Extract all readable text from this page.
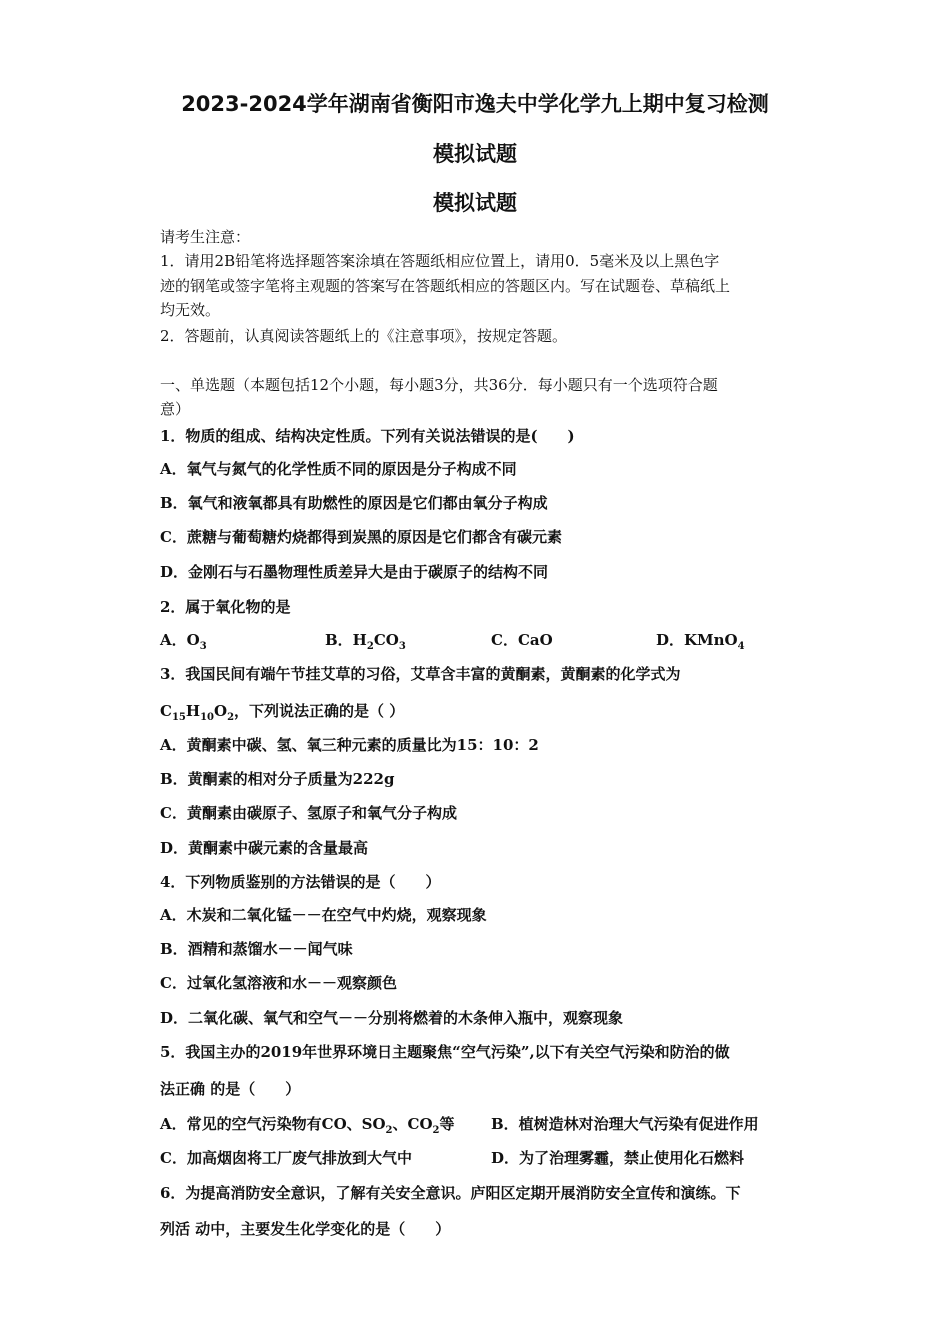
2023-2024学年湖南省衡阳市逸夫中学化学九上期中复习检测
模拟试题
模拟试题
请考生注意：
1．请用2B铅笔将选择题答案涂填在答题纸相应位置上，请用0．5毫米及以上黑色字
迹的钢笔或签字笔将主观题的答案写在答题纸相应的答题区内。写在试题卷、草稿纸上
均无效。
2．答题前，认真阅读答题纸上的《注意事项》，按规定答题。
一、单选题（本题包括12个小题，每小题3分，共36分．每小题只有一个选项符合题
意）
1．物质的组成、结构决定性质。下列有关说法错误的是(　　)
A．氧气与氮气的化学性质不同的原因是分子构成不同
B．氧气和液氧都具有助燃性的原因是它们都由氧分子构成
C．蔗糖与葡萄糖灼烧都得到炭黑的原因是它们都含有碳元素
D．金刚石与石墨物理性质差异大是由于碳原子的结构不同
2．属于氧化物的是
A．$O_3$	B．$H_2CO_3$	C．CaO	D．KMnO$_4$
3．我国民间有端午节挂艾草的习俗，艾草含丰富的黄酮素，黄酮素的化学式为
$C_{15}H_{10}O_2$，下列说法正确的是（ ）
A．黄酮素中碳、氢、氧三种元素的质量比为15：10：2
B．黄酮素的相对分子质量为222g
C．黄酮素由碳原子、氢原子和氧气分子构成
D．黄酮素中碳元素的含量最高
4．下列物质鉴别的方法错误的是（　　）
A．木炭和二氧化锰－－在空气中灼烧，观察现象
B．酒精和蒸馏水－－闻气味
C．过氧化氢溶液和水－－观察颜色
D．二氧化碳、氧气和空气－－分别将燃着的木条伸入瓶中，观察现象
5．我国主办的2019年世界环境日主题聚焦“空气污染”,以下有关空气污染和防治的做
法正确 的是（　　）
A．常见的空气污染物有CO、$SO_2$、$CO_2$等 B．植树造林对治理大气污染有促进作用
C．加高烟囱将工厂废气排放到大气中	D．为了治理雾霾，禁止使用化石燃料
6．为提高消防安全意识，了解有关安全意识。庐阳区定期开展消防安全宣传和演练。下
列活 动中，主要发生化学变化的是（　　）
